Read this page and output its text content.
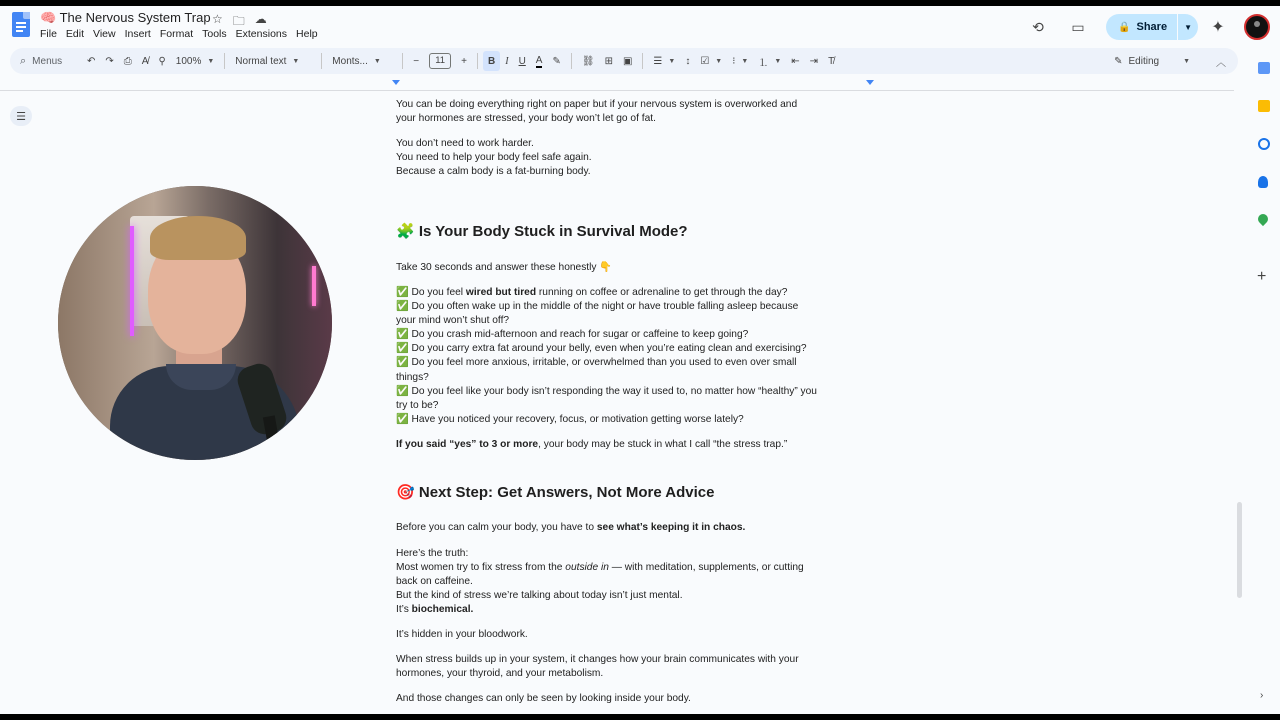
🧠 The Nervous System Trap ☆ 🗀 ☁
File Edit View Insert Format Tools Extensions Help	⟲	▭	🔒 Share ▼	✦
⌕ Menus	↶	↷	⎙	A̸	⚲	100% ▼ Normal text ▼	Monts... ▼	−	11	+	B	I	U	A	✎	⛓	⊞	▣	☰ ▼	↕	☑ ▼	⁝ ▼	⒈ ▼	⇤	⇥	T̸	✎ Editing	▼	︿
☰
+
›
You can be doing everything right on paper but if your nervous system is overworked and
your hormones are stressed, your body won’t let go of fat.
You don’t need to work harder.
You need to help your body feel safe again.
Because a calm body is a fat-burning body.
🧩 Is Your Body Stuck in Survival Mode?
Take 30 seconds and answer these honestly 👇
✅ Do you feel wired but tired running on coffee or adrenaline to get through the day?
✅ Do you often wake up in the middle of the night or have trouble falling asleep because
your mind won’t shut off?
✅ Do you crash mid-afternoon and reach for sugar or caffeine to keep going?
✅ Do you carry extra fat around your belly, even when you’re eating clean and exercising?
✅ Do you feel more anxious, irritable, or overwhelmed than you used to even over small
things?
✅ Do you feel like your body isn’t responding the way it used to, no matter how “healthy” you
try to be?
✅ Have you noticed your recovery, focus, or motivation getting worse lately?
If you said “yes” to 3 or more, your body may be stuck in what I call “the stress trap.”
🎯 Next Step: Get Answers, Not More Advice
Before you can calm your body, you have to see what’s keeping it in chaos.
Here’s the truth:
Most women try to fix stress from the outside in — with meditation, supplements, or cutting
back on caffeine.
But the kind of stress we’re talking about today isn’t just mental.
It’s biochemical.
It’s hidden in your bloodwork.
When stress builds up in your system, it changes how your brain communicates with your
hormones, your thyroid, and your metabolism.
And those changes can only be seen by looking inside your body.
